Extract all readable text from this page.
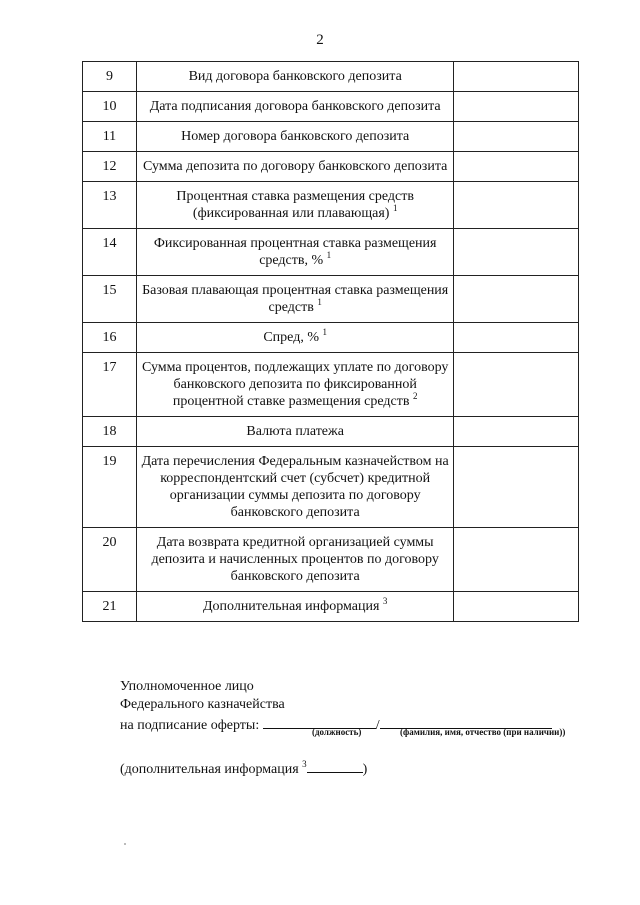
2
9	Вид договора банковского депозита	
10	Дата подписания договора банковского депозита	
11	Номер договора банковского депозита	
12	Сумма депозита по договору банковского депозита	
13	Процентная ставка размещения средств (фиксированная или плавающая) $^1$	
14	Фиксированная процентная ставка размещения средств, % $^1$	
15	Базовая плавающая процентная ставка размещения средств $^1$	
16	Спред, % $^1$	
17	Сумма процентов, подлежащих уплате по договору банковского депозита по фиксированной процентной ставке размещения средств $^2$	
18	Валюта платежа	
19	Дата перечисления Федеральным казначейством на корреспондентский счет (субсчет) кредитной организации суммы депозита по договору банковского депозита	
20	Дата возврата кредитной организацией суммы депозита и начисленных процентов по договору банковского депозита	
21	Дополнительная информация $^3$	
Уполномоченное лицо
Федерального казначейства
на подписание оферты:	/
(должность)	(фамилия, имя, отчество (при наличии))
(дополнительная информация $^3$	)
